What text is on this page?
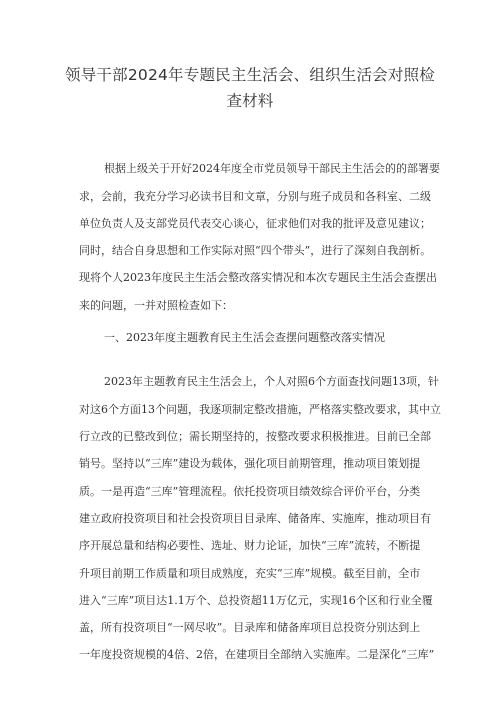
领导干部2024年专题民主生活会、组织生活会对照检
查材料
根据上级关于开好2024年度全市党员领导干部民主生活会的的部署要
求，会前，我充分学习必读书目和文章，分别与班子成员和各科室、二级
单位负责人及支部党员代表交心谈心，征求他们对我的批评及意见建议；
同时，结合自身思想和工作实际对照“四个带头”，进行了深刻自我剖析。
现将个人2023年度民主生活会整改落实情况和本次专题民主生活会查摆出
来的问题，一并对照检查如下：
一、2023年度主题教育民主生活会查摆问题整改落实情况
2023年主题教育民主生活会上，个人对照6个方面查找问题13项，针
对这6个方面13个问题，我逐项制定整改措施，严格落实整改要求，其中立
行立改的已整改到位；需长期坚持的，按整改要求积极推进。目前已全部
销号。坚持以“三库”建设为载体，强化项目前期管理，推动项目策划提
质。一是再造“三库”管理流程。依托投资项目绩效综合评价平台，分类
建立政府投资项目和社会投资项目目录库、储备库、实施库，推动项目有
序开展总量和结构必要性、选址、财力论证，加快“三库”流转，不断提
升项目前期工作质量和项目成熟度，充实“三库”规模。截至目前，全市
进入“三库”项目达1.1万个、总投资超11万亿元，实现16个区和行业全覆
盖，所有投资项目“一网尽收”。目录库和储备库项目总投资分别达到上
一年度投资规模的4倍、2倍，在建项目全部纳入实施库。二是深化“三库”
